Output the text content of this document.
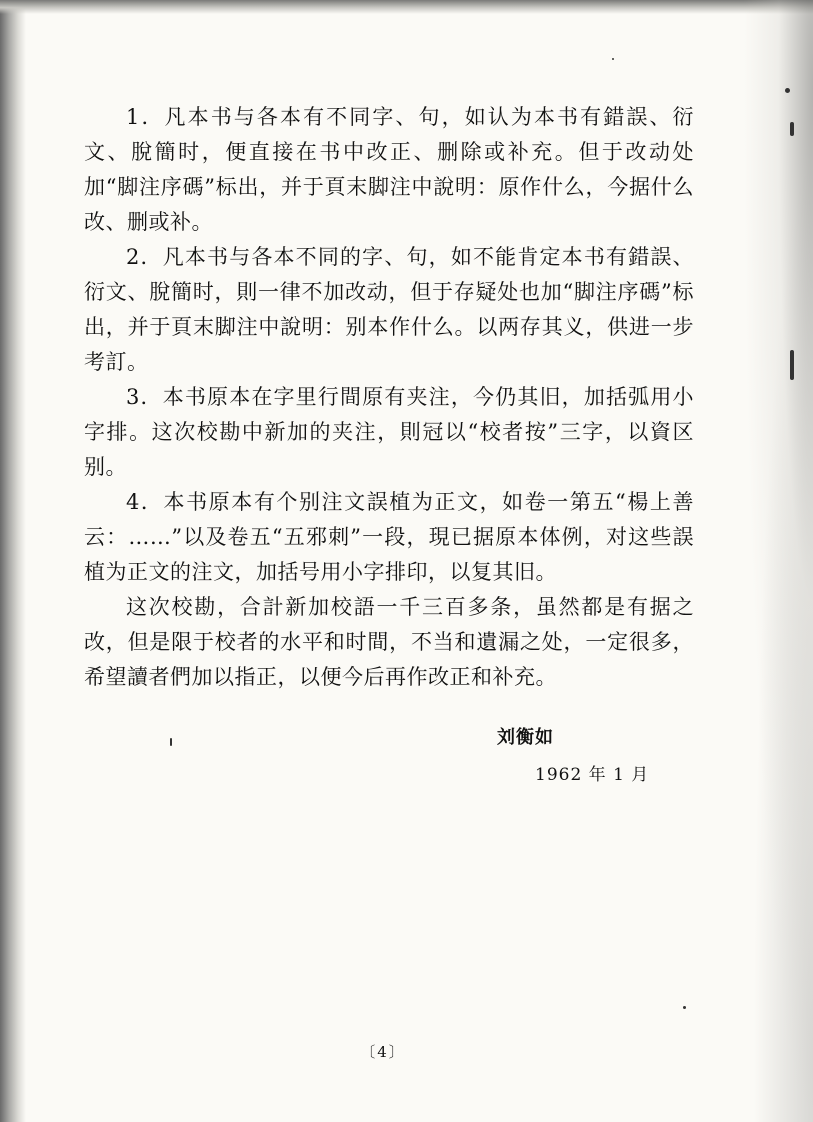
1．凡本书与各本有不同字、句，如认为本书有錯誤、衍文、脫簡时，便直接在书中改正、删除或补充。但于改动处加“脚注序碼”标出，并于頁末脚注中說明：原作什么，今据什么改、删或补。

2．凡本书与各本不同的字、句，如不能肯定本书有錯誤、衍文、脫簡时，則一律不加改动，但于存疑处也加“脚注序碼”标出，并于頁末脚注中說明：别本作什么。以两存其义，供进一步考訂。

3．本书原本在字里行間原有夹注，今仍其旧，加括弧用小字排。这次校勘中新加的夹注，則冠以“校者按”三字，以資区别。

4．本书原本有个别注文誤植为正文，如卷一第五“楊上善云：……”以及卷五“五邪刺”一段，現已据原本体例，对这些誤植为正文的注文，加括号用小字排印，以复其旧。

这次校勘，合計新加校語一千三百多条，虽然都是有据之改，但是限于校者的水平和时間，不当和遺漏之处，一定很多，希望讀者們加以指正，以便今后再作改正和补充。

刘衡如
1962 年 1 月
〔4〕
